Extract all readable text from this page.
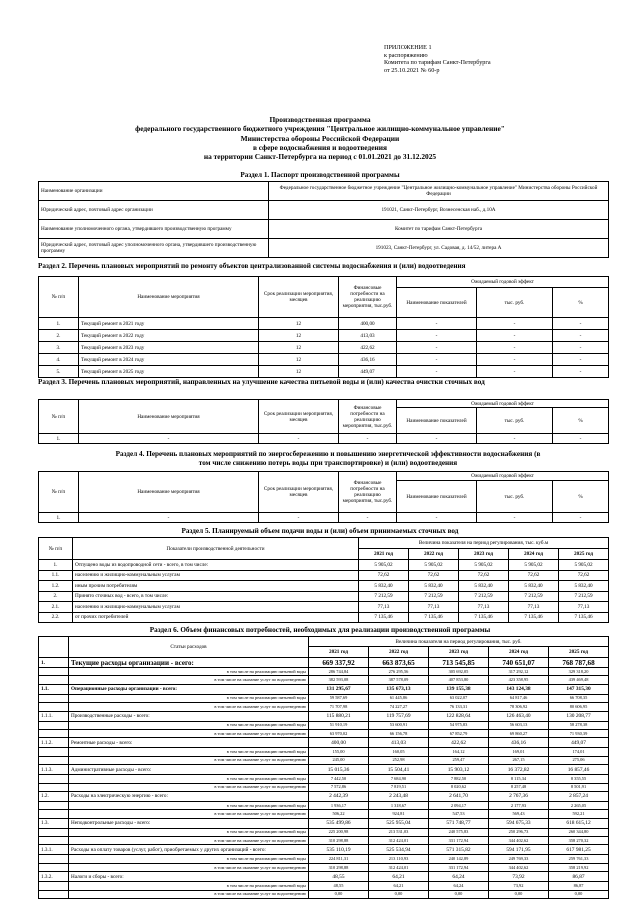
ПРИЛОЖЕНИЕ 1
к распоряжению
Комитета по тарифам Санкт-Петербурга
от 25.10.2021 № 60-р
Производственная программа
федерального государственного бюджетного учреждения "Центральное жилищно-коммунальное управление"
Министерства обороны Российской Федерации
в сфере водоснабжения и водоотведения
на территории Санкт-Петербурга на период с 01.01.2021 до 31.12.2025
Раздел 1. Паспорт производственной программы
Наименование организации	Федеральное государственное бюджетное учреждение "Центральное жилищно-коммунальное управление" Министерства обороны Российской Федерации
Юридический адрес, почтовый адрес организации	191021, Санкт-Петербург, Вознесенская наб., д.10А
Наименование уполномоченного органа, утвердившего производственную программу	Комитет по тарифам Санкт-Петербурга
Юридический адрес, почтовый адрес уполномоченного органа, утвердившего производственную программу	191023, Санкт-Петербург, ул. Садовая, д. 14/52, литера А
Раздел 2. Перечень плановых мероприятий по ремонту объектов централизованной системы водоснабжения и (или) водоотведения
№ п/п	Наименование мероприятия	Срок реализации мероприятия, месяцев	Финансовые потребности на реализацию мероприятия, тыс.руб.	Ожидаемый годовой эффект		
				Наименование показателей	тыс. руб.	%
1.	Текущий ремонт в 2021 году	12	400,00	-	-	-
2.	Текущий ремонт в 2022 году	12	413,03	-	-	-
3.	Текущий ремонт в 2023 году	12	422,62	-	-	-
4.	Текущий ремонт в 2024 году	12	436,16	-	-	-
5.	Текущий ремонт в 2025 году	12	449,07	-	-	-
Раздел 3. Перечень плановых мероприятий, направленных на улучшение качества питьевой воды и (или) качества очистки сточных вод
№ п/п	Наименование мероприятия	Срок реализации мероприятия, месяцев	Финансовые потребности на реализацию мероприятия, тыс.руб.	Ожидаемый годовой эффект		
				Наименование показателей	тыс. руб.	%
1.	-	-	-	-	-	-
Раздел 4. Перечень плановых мероприятий по энергосбережению и повышению энергетической эффективности водоснабжения (в
том числе снижению потерь воды при транспортировке) и (или) водоотведения
№ п/п	Наименование мероприятия	Срок реализации мероприятия, месяцев	Финансовые потребности на реализацию мероприятия, тыс.руб.	Ожидаемый годовой эффект		
				Наименование показателей	тыс. руб.	%
1.	-	-	-	-	-	-
Раздел 5. Планируемый объем подачи воды и (или) объем принимаемых сточных вод
№ п/п	Показатели производственной деятельности	Величина показателя на период регулирования, тыс. куб.м				
		2021 год	2022 год	2023 год	2024 год	2025 год
1.	Отпущено воды из водопроводной сети - всего, в том числе:	5 905,02	5 905,02	5 905,02	5 905,02	5 905,02
1.1.	населению и жилищно-коммунальным услугам	72,62	72,62	72,62	72,62	72,62
1.2.	иным прочим потребителям	5 832,40	5 832,40	5 832,40	5 832,40	5 832,40
2.	Принято сточных вод - всего, в том числе:	7 212,59	7 212,59	7 212,59	7 212,59	7 212,59
2.1.	населению и жилищно-коммунальным услугам	77,13	77,13	77,13	77,13	77,13
2.2.	от прочих потребителей	7 135,46	7 135,46	7 135,46	7 135,46	7 135,46
Раздел 6. Объем финансовых потребностей, необходимых для реализации производственной программы
	Статьи расходов	Величина показателя на период регулирования, тыс. руб.				
		2021 год	2022 год	2023 год	2024 год	2025 год
1.	Текущие расходы организации - всего:	669 337,92	663 873,65	713 545,85	740 651,07	768 787,68
	в том числе на реализацию питьевой воды	286 744,84	276 295,56	305 692,05	317 292,12	329 318,20
	в том числе на оказание услуг по водоотведению	382 593,08	387 578,09	407 853,80	423 358,95	439 469,48
1.1.	Операционные расходы организации - всего:	131 295,67	135 673,13	139 155,38	143 124,38	147 315,30
	в том числе на реализацию питьевой воды	59 587,69	61 445,86	63 022,07	64 817,46	66 708,35
	в том числе на оказание услуг по водоотведению	71 707,98	74 227,27	76 133,31	78 306,92	80 606,95
1.1.1.	Производственные расходы - всего:	115 880,21	119 757,69	122 828,64	126 463,40	130 208,77
	в том числе на реализацию питьевой воды	51 910,19	53 600,91	54 975,83	56 603,13	58 278,38
	в том числе на оказание услуг по водоотведению	63 970,02	66 156,78	67 852,79	69 860,27	71 930,39
1.1.2.	Ремонтные расходы - всего:	400,00	413,03	422,62	436,16	449,07
	в том числе на реализацию питьевой воды	155,00	160,05	164,12	169,01	174,01
	в том числе на оказание услуг по водоотведению	245,00	252,98	259,47	267,15	275,06
1.1.3.	Административные расходы - всего:	15 015,36	15 504,41	15 903,12	16 372,82	16 857,46
	в том числе на реализацию питьевой воды	7 442,50	7 684,90	7 882,50	8 115,34	8 355,55
	в том числе на оказание услуг по водоотведению	7 572,86	7 819,51	8 020,62	8 257,48	8 501,91
1.2.	Расходы на электрическую энергию - всего:	2 442,39	2 243,48	2 641,70	2 767,36	2 857,24
	в том числе на реализацию питьевой воды	1 936,17	1 318,67	2 094,17	2 177,93	2 265,05
	в том числе на оказание услуг по водоотведению	506,22	924,81	547,53	569,43	592,21
1.3.	Неподконтрольные расходы - всего:	535 499,86	525 955,04	571 748,77	594 675,33	618 615,12
	в том числе на реализацию питьевой воды	225 200,98	213 531,03	240 575,83	250 296,73	260 344,80
	в том числе на оказание услуг по водоотведению	310 298,88	312 424,01	331 172,94	344 402,62	358 270,32
1.3.1.	Расходы на оплату товаров (услуг, работ), приобретаемых у других организаций - всего:	535 110,19	525 534,94	571 315,82	594 171,95	617 981,25
	в том числе на реализацию питьевой воды	224 811,31	213 110,93	240 142,89	249 769,33	259 761,33
	в том числе на оказание услуг по водоотведению	310 298,88	312 424,01	331 172,94	344 402,62	358 219,92
1.3.2.	Налоги и сборы - всего:	48,55	64,21	64,24	73,92	86,87
	в том числе на реализацию питьевой воды	48,55	64,21	64,24	73,92	86,87
	в том числе на оказание услуг по водоотведению	0,00	0,00	0,00	0,00	0,00
